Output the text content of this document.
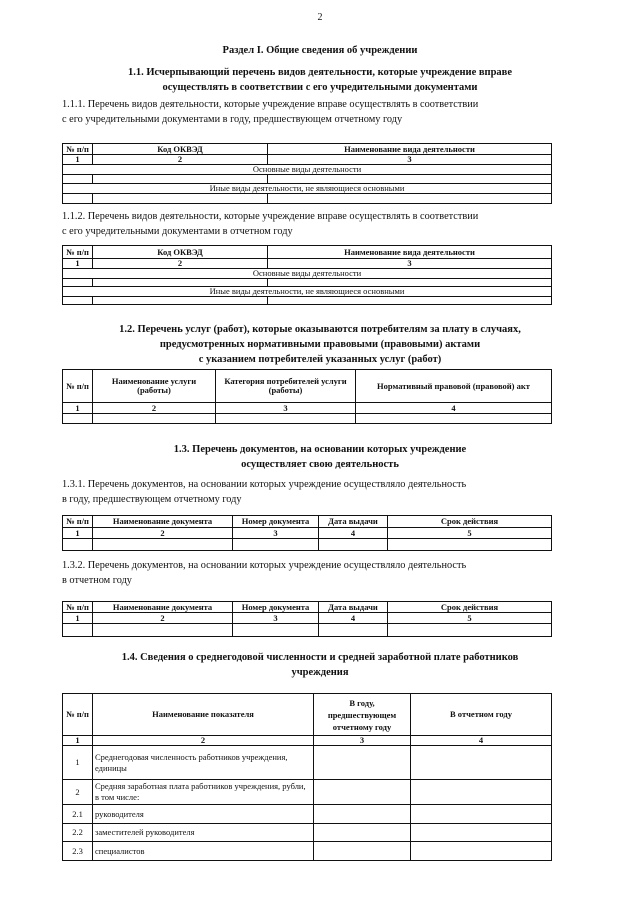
2
Раздел I. Общие сведения об учреждении
1.1. Исчерпывающий перечень видов деятельности, которые учреждение вправе
осуществлять в соответствии с его учредительными документами
1.1.1. Перечень видов деятельности, которые учреждение вправе осуществлять в соответствии
с его учредительными документами в году, предшествующем отчетному году
№ п/п	Код ОКВЭД	Наименование вида деятельности
1	2	3
Основные виды деятельности		

Иные виды деятельности, не являющиеся основными		

1.1.2. Перечень видов деятельности, которые учреждение вправе осуществлять в соответствии
с его учредительными документами в отчетном году
№ п/п	Код ОКВЭД	Наименование вида деятельности
1	2	3
Основные виды деятельности		

Иные виды деятельности, не являющиеся основными		

1.2. Перечень услуг (работ), которые оказываются потребителям за плату в случаях,
предусмотренных нормативными правовыми (правовыми) актами
с указанием потребителей указанных услуг (работ)
№ п/п	Наименование услуги (работы)	Категория потребителей услуги (работы)	Нормативный правовой (правовой) акт
1	2	3	4

1.3. Перечень документов, на основании которых учреждение
осуществляет свою деятельность
1.3.1. Перечень документов, на основании которых учреждение осуществляло деятельность
в году, предшествующем отчетному году
№ п/п	Наименование документа	Номер документа	Дата выдачи	Срок действия
1	2	3	4	5

1.3.2. Перечень документов, на основании которых учреждение осуществляло деятельность
в отчетном году
№ п/п	Наименование документа	Номер документа	Дата выдачи	Срок действия
1	2	3	4	5

1.4. Сведения о среднегодовой численности и средней заработной плате работников
учреждения
№ п/п	Наименование показателя	В году, предшествующем отчетному году	В отчетном году
1	2	3	4
1	Среднегодовая численность работников учреждения, единицы		
2	Средняя заработная плата работников учреждения, рубли, в том числе:		
2.1	руководителя		
2.2	заместителей руководителя		
2.3	специалистов		
